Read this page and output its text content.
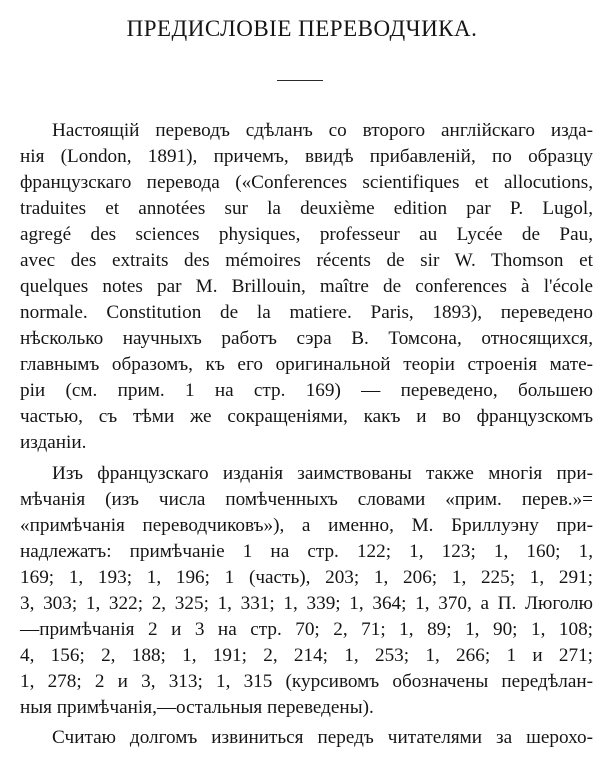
ПРЕДИСЛОВIЕ ПЕРЕВОДЧИКА.
Настоящiй переводъ сдѣланъ со второго англiйскаго изда-
нiя (London, 1891), причемъ, ввидѣ прибавленiй, по образцу
французскаго перевода («Conferences scientifiques et allocutions,
traduites et annotées sur la deuxième edition par P. Lugol,
agregé des sciences physiques, professeur au Lycée de Pau,
avec des extraits des mémoires récents de sir W. Thomson et
quelques notes par M. Brillouin, maître de conferences à l'école
normale. Constitution de la matiere. Paris, 1893), переведено
нѣсколько научныхъ работъ сэра В. Томсона, относящихся,
главнымъ образомъ, къ его оригинальной теорiи строенiя мате-
рiи (см. прим. 1 на стр. 169) — переведено, большею
частью, съ тѣми же сокращенiями, какъ и во французскомъ
изданiи.
Изъ французскаго изданiя заимствованы также многiя при-
мѣчанiя (изъ числа помѣченныхъ словами «прим. перев.»=
«примѣчанiя переводчиковъ»), а именно, М. Бриллуэну при-
надлежатъ: примѣчанiе 1 на стр. 122; 1, 123; 1, 160; 1,
169; 1, 193; 1, 196; 1 (часть), 203; 1, 206; 1, 225; 1, 291;
3, 303; 1, 322; 2, 325; 1, 331; 1, 339; 1, 364; 1, 370, а П. Люголю
—примѣчанiя 2 и 3 на стр. 70; 2, 71; 1, 89; 1, 90; 1, 108;
4, 156; 2, 188; 1, 191; 2, 214; 1, 253; 1, 266; 1 и 271;
1, 278; 2 и 3, 313; 1, 315 (курсивомъ обозначены передѣлан-
ныя примѣчанiя,—остальныя переведены).
Считаю долгомъ извиниться передъ читателями за шерохо-
